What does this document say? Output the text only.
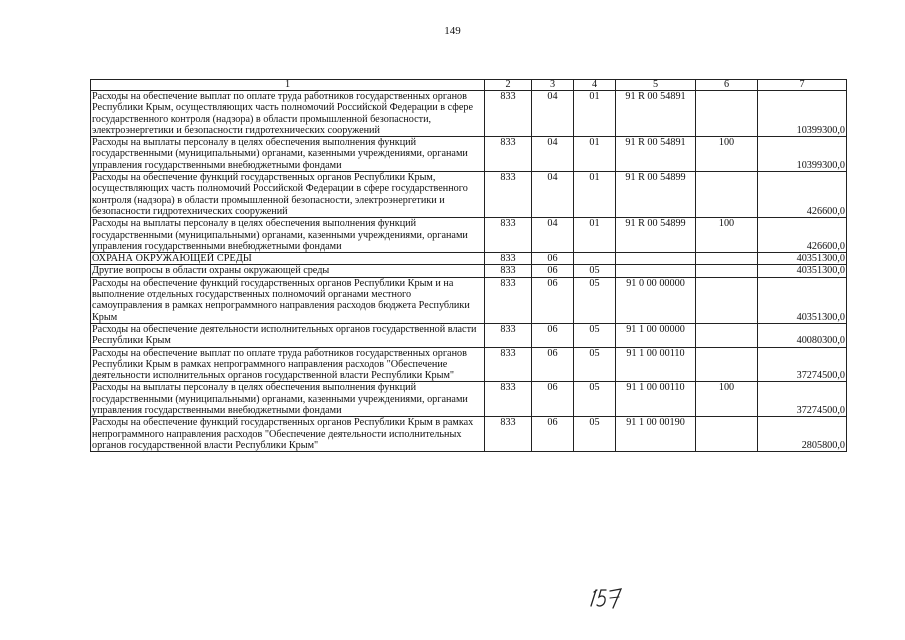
149
1	2	3	4	5	6	7
Расходы на обеспечение выплат по оплате труда работников государственных органов Республики Крым, осуществляющих часть полномочий Российской Федерации в сфере государственного контроля (надзора) в области промышленной безопасности, электроэнергетики и безопасности гидротехнических сооружений	833	04	01	91 R 00 54891		10399300,0
Расходы на выплаты персоналу в целях обеспечения выполнения функций государственными (муниципальными) органами, казенными учреждениями, органами управления государственными внебюджетными фондами	833	04	01	91 R 00 54891	100	10399300,0
Расходы на обеспечение функций государственных органов Республики Крым, осуществляющих часть полномочий Российской Федерации в сфере государственного контроля (надзора) в области промышленной безопасности, электроэнергетики и безопасности гидротехнических сооружений	833	04	01	91 R 00 54899		426600,0
Расходы на выплаты персоналу в целях обеспечения выполнения функций государственными (муниципальными) органами, казенными учреждениями, органами управления государственными внебюджетными фондами	833	04	01	91 R 00 54899	100	426600,0
ОХРАНА ОКРУЖАЮЩЕЙ СРЕДЫ	833	06				40351300,0
Другие вопросы в области охраны окружающей среды	833	06	05			40351300,0
Расходы на обеспечение функций государственных органов Республики Крым и на выполнение отдельных государственных полномочий органами местного самоуправления в рамках непрограммного направления расходов бюджета Республики Крым	833	06	05	91 0 00 00000		40351300,0
Расходы на обеспечение деятельности исполнительных органов государственной власти Республики Крым	833	06	05	91 1 00 00000		40080300,0
Расходы на обеспечение выплат по оплате труда работников государственных органов Республики Крым в рамках непрограммного направления расходов "Обеспечение деятельности исполнительных органов государственной власти Республики Крым"	833	06	05	91 1 00 00110		37274500,0
Расходы на выплаты персоналу в целях обеспечения выполнения функций государственными (муниципальными) органами, казенными учреждениями, органами управления государственными внебюджетными фондами	833	06	05	91 1 00 00110	100	37274500,0
Расходы на обеспечение функций государственных органов Республики Крым в рамках непрограммного направления расходов "Обеспечение деятельности исполнительных органов государственной власти Республики Крым"	833	06	05	91 1 00 00190		2805800,0
